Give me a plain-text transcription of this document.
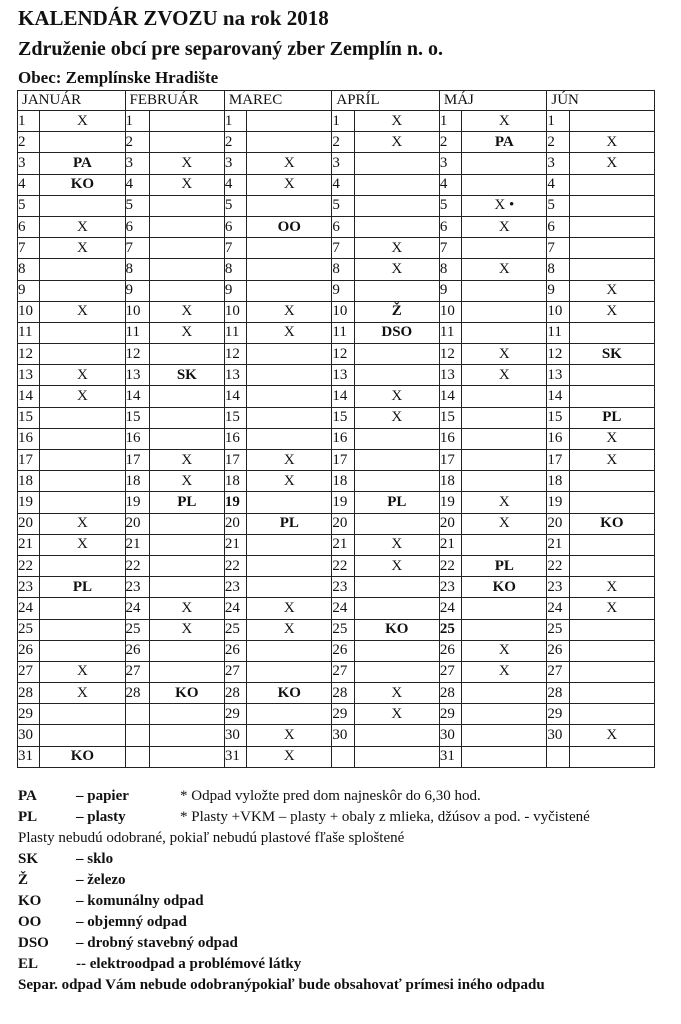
KALENDÁR ZVOZU na rok 2018
Združenie obcí pre separovaný zber Zemplín n. o.
Obec: Zemplínske Hradište
JANUÁR		FEBRUÁR		MAREC		APRÍL		MÁJ		JÚN	
1	X	1		1		1	X	1	X	1	
2		2		2		2	X	2	PA	2	X
3	PA	3	X	3	X	3		3		3	X
4	KO	4	X	4	X	4		4		4	
5		5		5		5		5	X •	5	
6	X	6		6	OO	6		6	X	6	
7	X	7		7		7	X	7		7	
8		8		8		8	X	8	X	8	
9		9		9		9		9		9	X
10	X	10	X	10	X	10	Ž	10		10	X
11		11	X	11	X	11	DSO	11		11	
12		12		12		12		12	X	12	SK
13	X	13	SK	13		13		13	X	13	
14	X	14		14		14	X	14		14	
15		15		15		15	X	15		15	PL
16		16		16		16		16		16	X
17		17	X	17	X	17		17		17	X
18		18	X	18	X	18		18		18	
19		19	PL	19		19	PL	19	X	19	
20	X	20		20	PL	20		20	X	20	KO
21	X	21		21		21	X	21		21	
22		22		22		22	X	22	PL	22	
23	PL	23		23		23		23	KO	23	X
24		24	X	24	X	24		24		24	X
25		25	X	25	X	25	KO	25		25	
26		26		26		26		26	X	26	
27	X	27		27		27		27	X	27	
28	X	28	KO	28	KO	28	X	28		28	
29				29		29	X	29		29	
30				30	X	30		30		30	X
31	KO			31	X			31			
PA	– papier	* Odpad vyložte pred dom najneskôr do 6,30 hod.
PL	– plasty	* Plasty +VKM – plasty + obaly z mlieka, džúsov a pod. - vyčistené
Plasty nebudú odobrané, pokiaľ nebudú plastové fľaše sploštené
SK	– sklo
Ž	– železo
KO – komunálny odpad
OO – objemný odpad
DSO – drobný stavebný odpad
EL	-- elektroodpad a problémové látky
Separ. odpad Vám nebude odobranýpokiaľ bude obsahovať prímesi iného odpadu
